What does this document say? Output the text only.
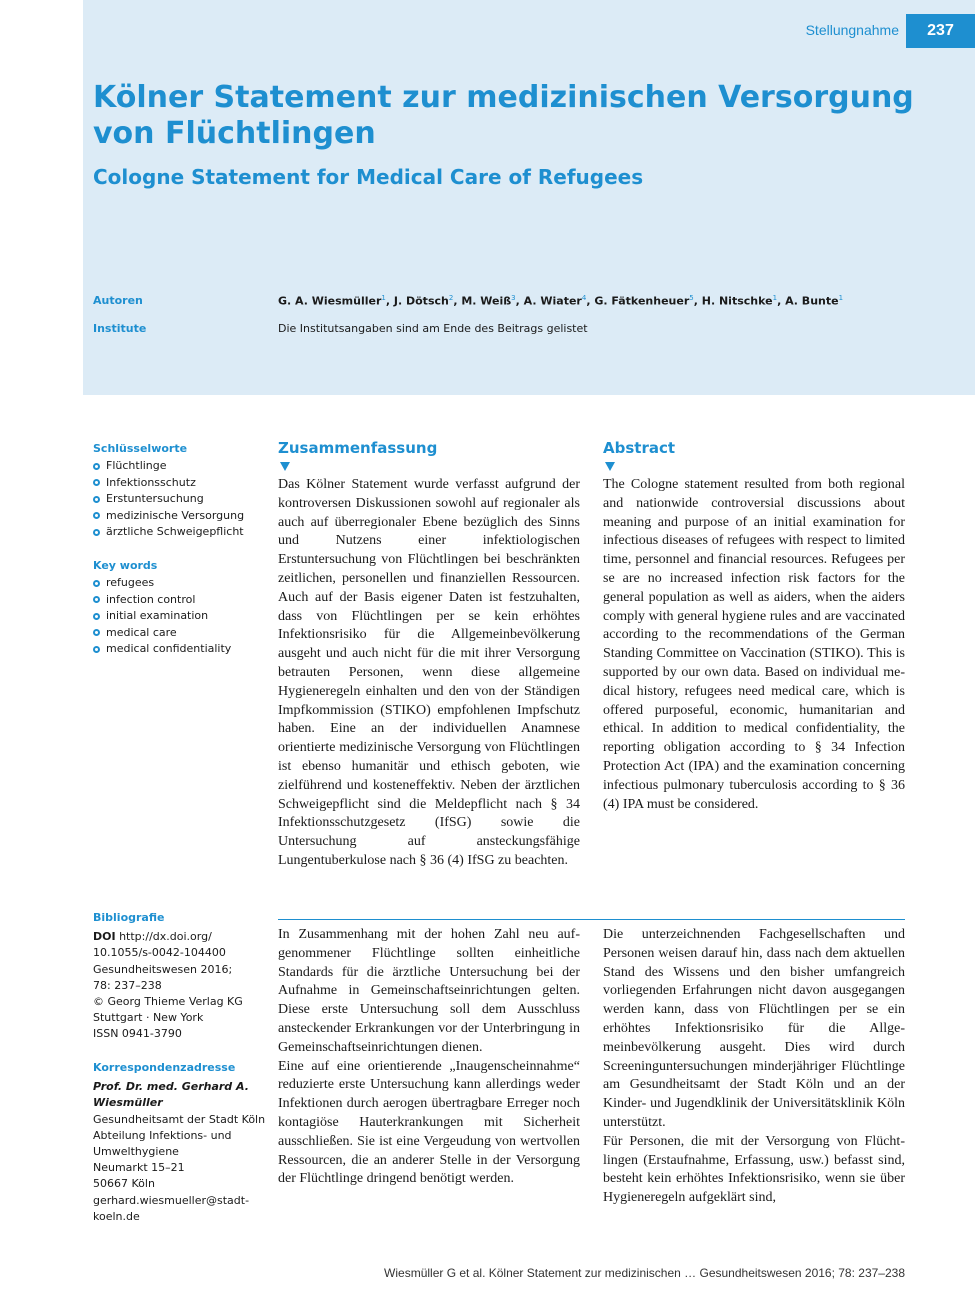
Stellungnahme	237
Kölner Statement zur medizinischen Versorgung von Flüchtlingen
Cologne Statement for Medical Care of Refugees
Autoren	G. A. Wiesmüller$^1$, J. Dötsch$^2$, M. Weiß$^3$, A. Wiater$^4$, G. Fätkenheuer$^5$, H. Nitschke$^1$, A. Bunte$^1$
Institute	Die Institutsangaben sind am Ende des Beitrags gelistet
Schlüsselworte
Flüchtlinge
Infektionsschutz
Erstuntersuchung
medizinische Versorgung
ärztliche Schweigepflicht
Key words
refugees
infection control
initial examination
medical care
medical confidentiality
Bibliografie
DOI http://dx.doi.org/
10.1055/s-0042-104400
Gesundheitswesen 2016;
78: 237–238
© Georg Thieme Verlag KG
Stuttgart · New York
ISSN 0941-3790
Korrespondenzadresse
Prof. Dr. med. Gerhard A.
Wiesmüller
Gesundheitsamt der Stadt Köln
Abteilung Infektions- und
Umwelthygiene
Neumarkt 15–21
50667 Köln
gerhard.wiesmueller@stadt-
koeln.de
Zusammenfassung

Das Kölner Statement wurde verfasst aufgrund der kontroversen Diskussionen sowohl auf regionaler als auch auf überregionaler Ebene bezüglich des Sinns und Nutzens einer infektiologischen Erstuntersuchung von Flüchtlingen bei beschränkten zeitlichen, personellen und finanziellen Ressourcen. Auch auf der Basis eigener Daten ist festzuhalten, dass von Flüchtlingen per se kein erhöhtes Infektionsrisiko für die Allgemeinbevölkerung ausgeht und auch nicht für die mit ihrer Versorgung betrauten Personen, wenn diese allgemeine Hygieneregeln einhalten und den von der Ständigen Impfkommission (STIKO) empfohlenen Impfschutz haben. Eine an der individuellen Anamnese orientierte medizinische Versorgung von Flüchtlingen ist ebenso humanitär und ethisch geboten, wie zielführend und kosteneffektiv. Neben der ärztlichen Schweigepflicht sind die Meldepflicht nach § 34 Infektionsschutzgesetz (IfSG) sowie die Untersuchung auf ansteckungsfähige Lungentuberkulose nach § 36 (4) IfSG zu beachten.

Abstract

The Cologne statement resulted from both regional and nationwide controversial discussions about meaning and purpose of an initial examination for infectious diseases of refugees with respect to limited time, personnel and financial resources. Refugees per se are no increased infection risk factors for the general population as well as aiders, when the aiders comply with general hygiene rules and are vaccinated according to the recommendations of the German Standing Committee on Vaccination (STIKO). This is supported by our own data. Based on individual medical history, refugees need medical care, which is offered purposeful, economic, humanitarian and ethical. In addition to medical confidentiality, the reporting obligation according to § 34 Infection Protection Act (IPA) and the examination concerning infectious pulmonary tuberculosis according to § 36 (4) IPA must be considered.

In Zusammenhang mit der hohen Zahl neu aufgenommener Flüchtlinge sollten einheitliche Standards für die ärztliche Untersuchung bei der Aufnahme in Gemeinschaftseinrichtungen gelten. Diese erste Untersuchung soll dem Ausschluss ansteckender Erkrankungen vor der Unterbringung in Gemeinschaftseinrichtungen dienen.

Eine auf eine orientierende „Inaugenscheinnahme“ reduzierte erste Untersuchung kann allerdings weder Infektionen durch aerogen übertragbare Erreger noch kontagiöse Hauterkrankungen mit Sicherheit ausschließen. Sie ist eine Vergeudung von wertvollen Ressourcen, die an anderer Stelle in der Versorgung der Flüchtlinge dringend benötigt werden.

Die unterzeichnenden Fachgesellschaften und Personen weisen darauf hin, dass nach dem aktuellen Stand des Wissens und den bisher umfangreich vorliegenden Erfahrungen nicht davon ausgegangen werden kann, dass von Flüchtlingen per se ein erhöhtes Infektionsrisiko für die Allgemeinbevölkerung ausgeht. Dies wird durch Screeninguntersuchungen minderjähriger Flüchtlinge am Gesundheitsamt der Stadt Köln und an der Kinder- und Jugendklinik der Universitätsklinik Köln unterstützt.

Für Personen, die mit der Versorgung von Flüchtlingen (Erstaufnahme, Erfassung, usw.) befasst sind, besteht kein erhöhtes Infektionsrisiko, wenn sie über Hygieneregeln aufgeklärt sind,

Wiesmüller G et al. Kölner Statement zur medizinischen … Gesundheitswesen 2016; 78: 237–238
